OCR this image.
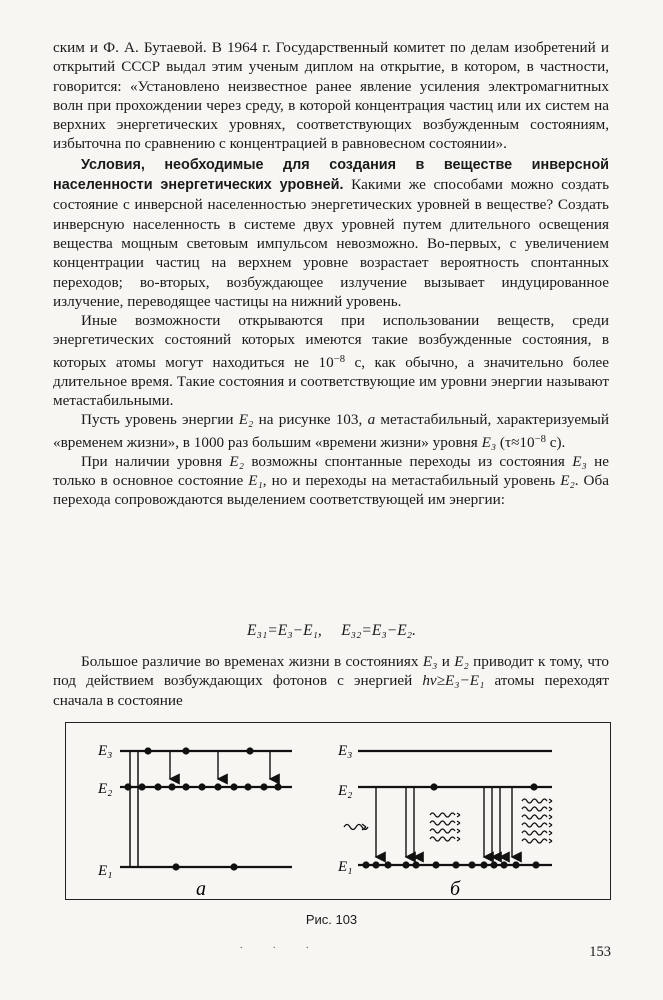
ским и Ф. А. Бутаевой. В 1964 г. Государственный комитет по делам изобретений и открытий СССР выдал этим ученым диплом на открытие, в котором, в частности, говорится: «Установлено неизвестное ранее явление усиления электромагнитных волн при прохождении через среду, в которой концентрация частиц или их систем на верхних энергетических уровнях, соответствующих возбужденным состояниям, избыточна по сравнению с концентрацией в равновесном состоянии».

Условия, необходимые для создания в веществе инверсной населенности энергетических уровней. Какими же способами можно создать состояние с инверсной населенностью энергетических уровней в веществе? Создать инверсную населенность в системе двух уровней путем длительного освещения вещества мощным световым импульсом невозможно. Во-первых, с увеличением концентрации частиц на верхнем уровне возрастает вероятность спонтанных переходов; во-вторых, возбуждающее излучение вызывает индуцированное излучение, переводящее частицы на нижний уровень.

Иные возможности открываются при использовании веществ, среди энергетических состояний которых имеются такие возбужденные состояния, в которых атомы могут находиться не $10^{-8}$ с, как обычно, а значительно более длительное время. Такие состояния и соответствующие им уровни энергии называют метастабильными.

Пусть уровень энергии E₂ на рисунке 103, а метастабильный, характеризуемый «временем жизни», в 1000 раз большим «времени жизни» уровня E₃ ($\tau\approx 10^{-8}$ с).

При наличии уровня E₂ возможны спонтанные переходы из состояния E₃ не только в основное состояние E₁, но и переходы на метастабильный уровень E₂. Оба перехода сопровождаются выделением соответствующей им энергии:

E₃₁=E₃−E₁, E₃₂=E₃−E₂.

Большое различие во временах жизни в состояниях E₃ и E₂ приводит к тому, что под действием возбуждающих фотонов с энергией hν≥E₃−E₁ атомы переходят сначала в состояние

E₃
E₂
E₁
а
E₃
E₂
E₁
б
Рис. 103
. . .	153
